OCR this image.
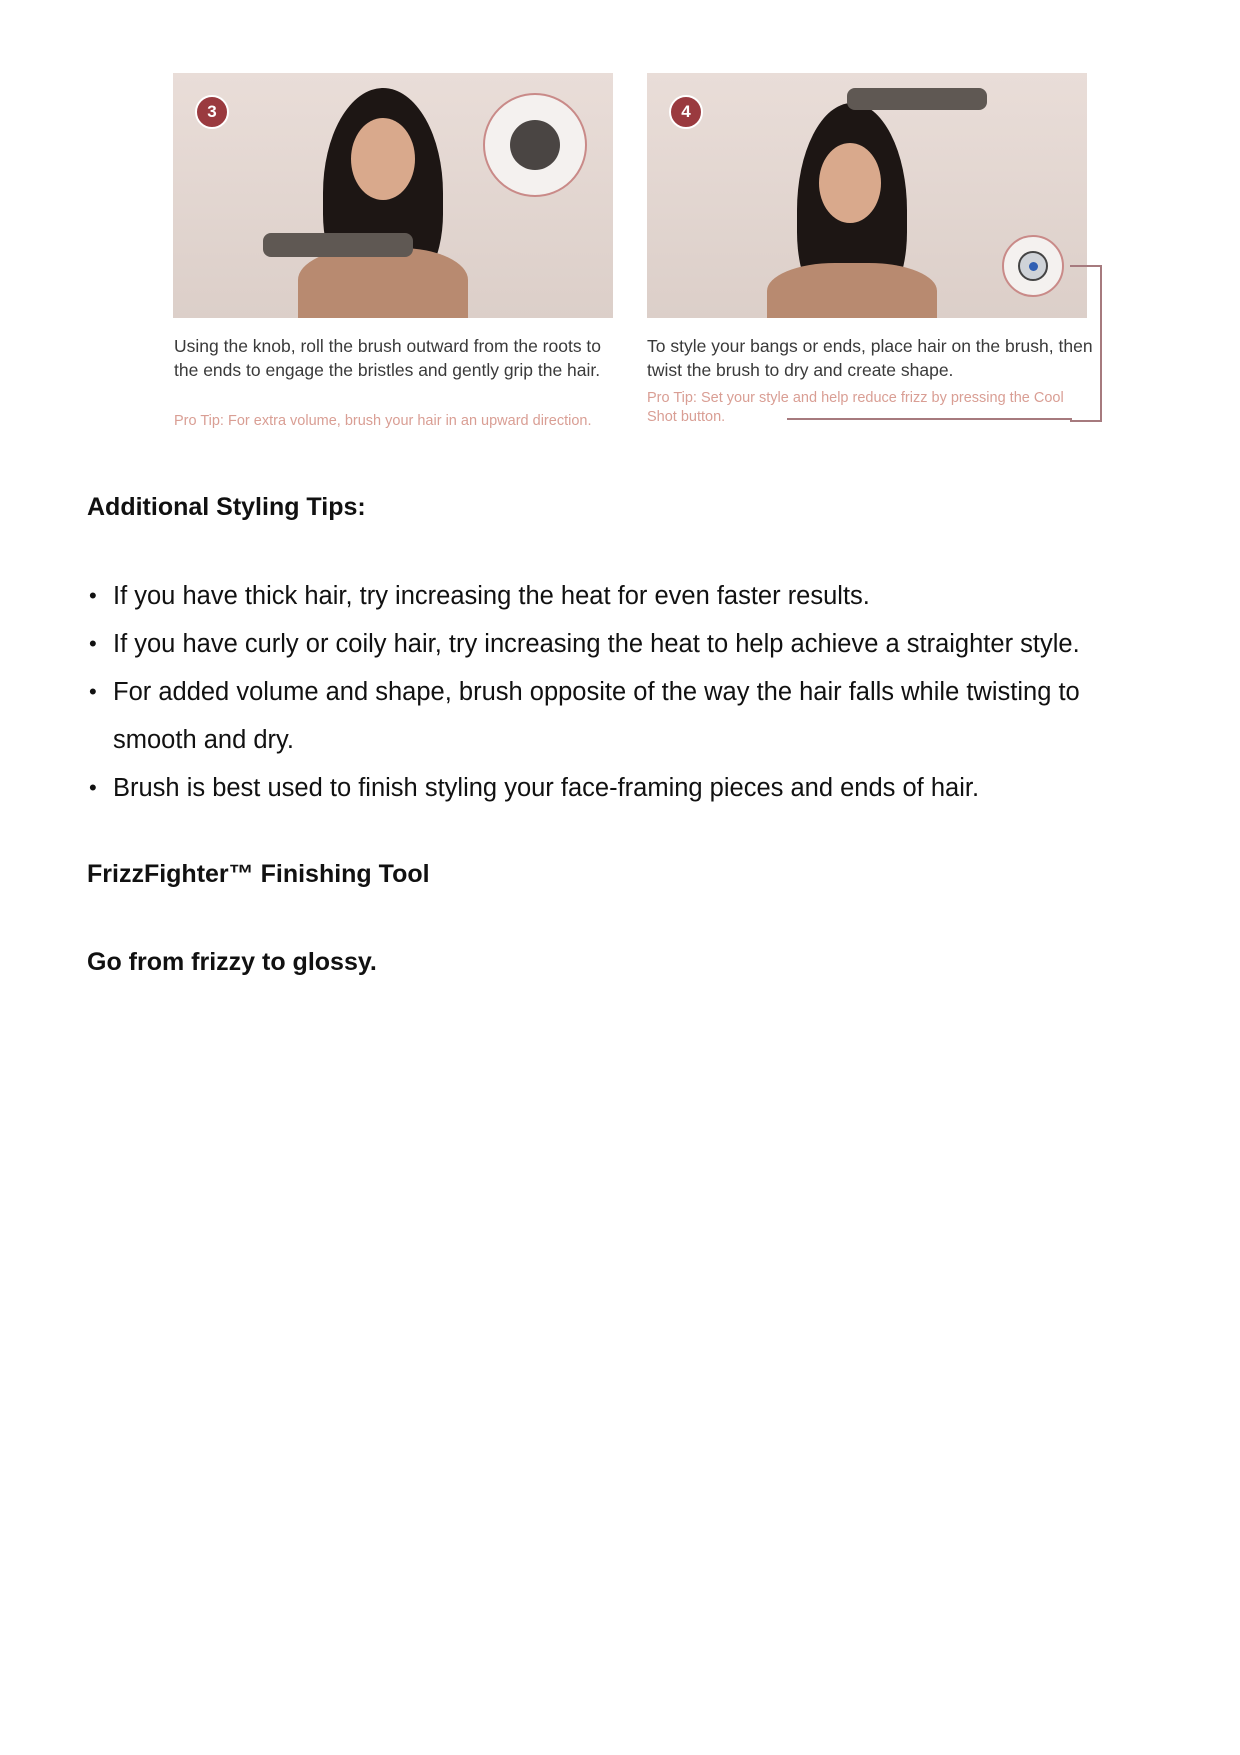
3
Using the knob, roll the brush outward from the roots to the ends to engage the bristles and gently grip the hair.
Pro Tip: For extra volume, brush your hair in an upward direction.
4
To style your bangs or ends, place hair on the brush, then twist the brush to dry and create shape.
Pro Tip: Set your style and help reduce frizz by pressing the Cool Shot button.
Additional Styling Tips:
• If you have thick hair, try increasing the heat for even faster results.
• If you have curly or coily hair, try increasing the heat to help achieve a straighter style.
• For added volume and shape, brush opposite of the way the hair falls while twisting to smooth and dry.
• Brush is best used to finish styling your face-framing pieces and ends of hair.
FrizzFighter™ Finishing Tool
Go from frizzy to glossy.
